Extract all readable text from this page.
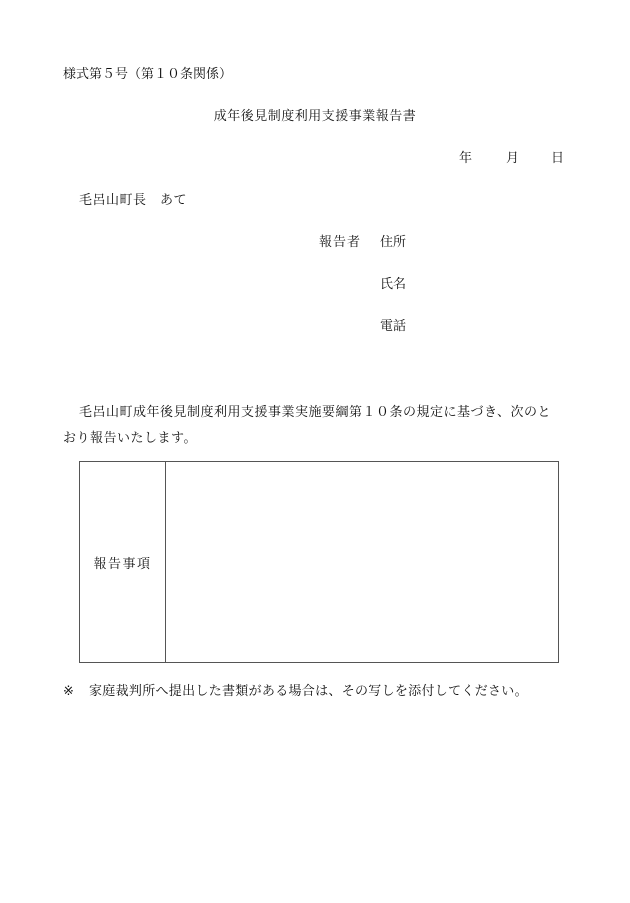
様式第５号（第１０条関係）
成年後見制度利用支援事業報告書
年	月 日
毛呂山町長　あて
報告者 住所
氏名
電話
毛呂山町成年後見制度利用支援事業実施要綱第１０条の規定に基づき、次のとおり報告いたします。
報告事項
※ 家庭裁判所へ提出した書類がある場合は、その写しを添付してください。
